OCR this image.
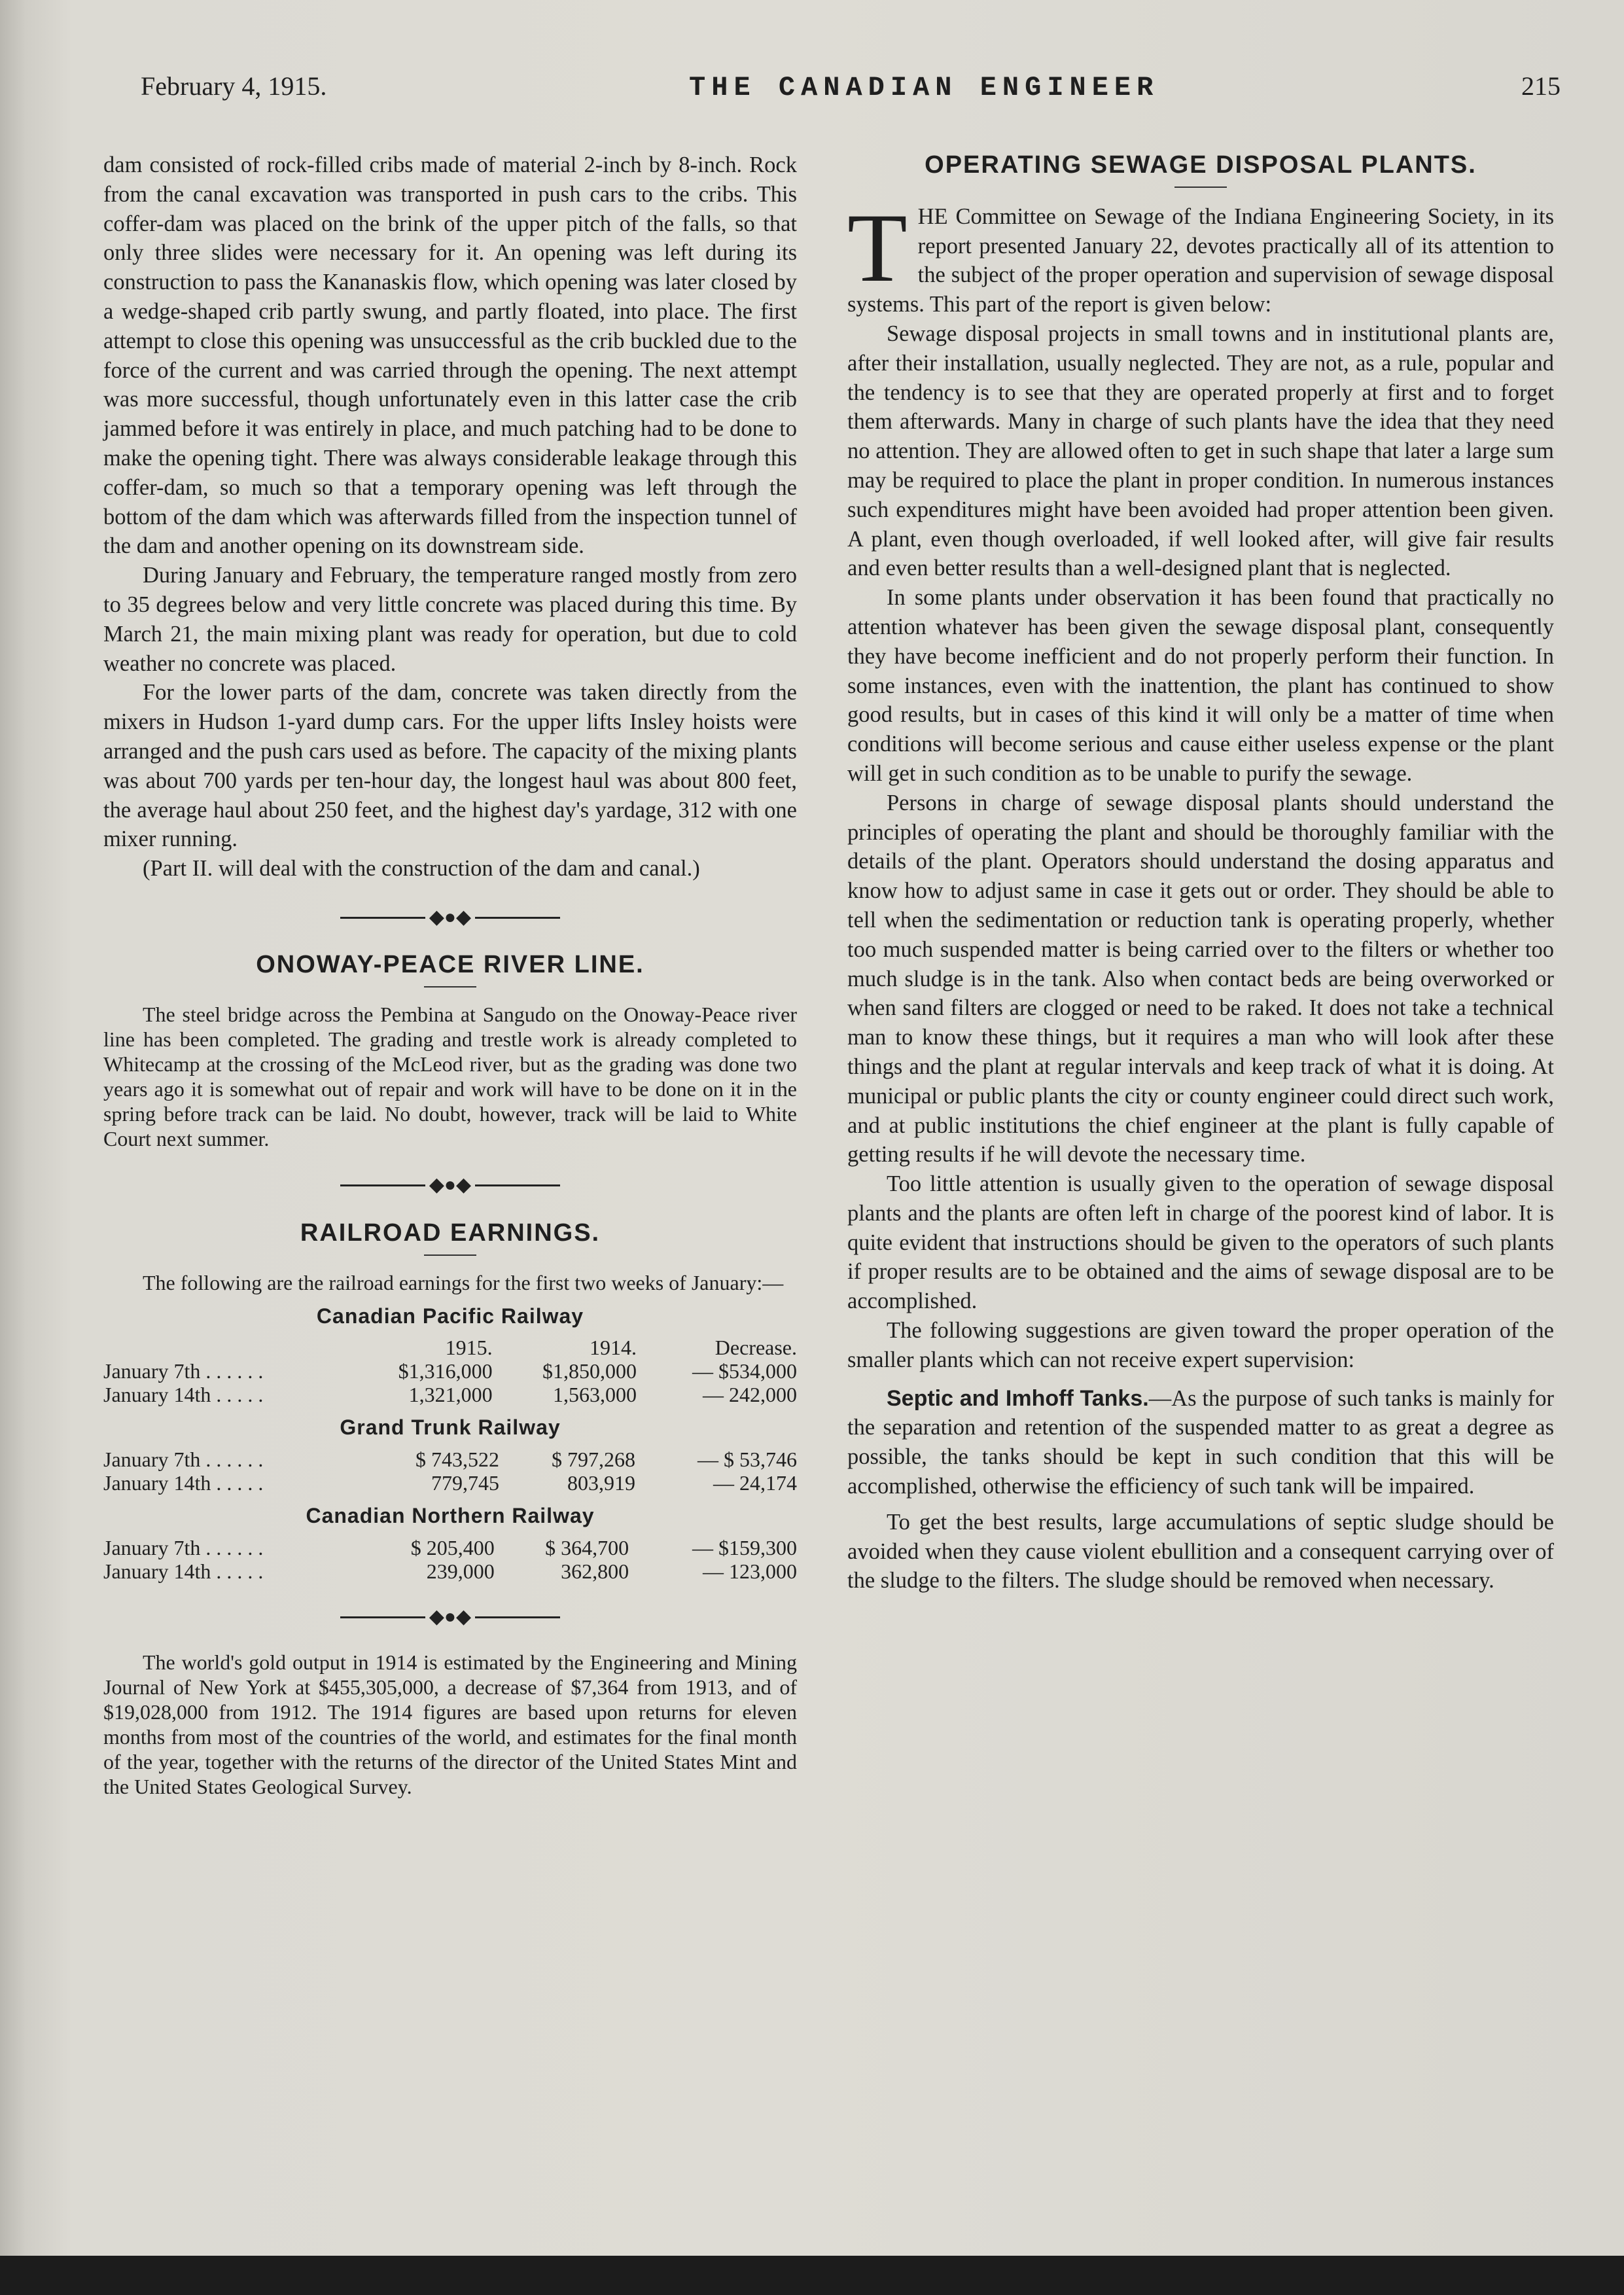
February 4, 1915.	THE CANADIAN ENGINEER	215

dam consisted of rock-filled cribs made of material 2-inch by 8-inch. Rock from the canal excavation was transported in push cars to the cribs. This coffer-dam was placed on the brink of the upper pitch of the falls, so that only three slides were necessary for it. An opening was left during its construction to pass the Kananaskis flow, which opening was later closed by a wedge-shaped crib partly swung, and partly floated, into place. The first attempt to close this opening was unsuccessful as the crib buckled due to the force of the current and was carried through the opening. The next attempt was more successful, though unfortunately even in this latter case the crib jammed before it was entirely in place, and much patching had to be done to make the opening tight. There was always considerable leakage through this coffer-dam, so much so that a temporary opening was left through the bottom of the dam which was afterwards filled from the inspection tunnel of the dam and another opening on its downstream side.

During January and February, the temperature ranged mostly from zero to 35 degrees below and very little concrete was placed during this time. By March 21, the main mixing plant was ready for operation, but due to cold weather no concrete was placed.

For the lower parts of the dam, concrete was taken directly from the mixers in Hudson 1-yard dump cars. For the upper lifts Insley hoists were arranged and the push cars used as before. The capacity of the mixing plants was about 700 yards per ten-hour day, the longest haul was about 800 feet, the average haul about 250 feet, and the highest day's yardage, 312 with one mixer running.

(Part II. will deal with the construction of the dam and canal.)

◆●◆
ONOWAY-PEACE RIVER LINE.

The steel bridge across the Pembina at Sangudo on the Onoway-Peace river line has been completed. The grading and trestle work is already completed to Whitecamp at the crossing of the McLeod river, but as the grading was done two years ago it is somewhat out of repair and work will have to be done on it in the spring before track can be laid. No doubt, however, track will be laid to White Court next summer.

◆●◆
RAILROAD EARNINGS.

The following are the railroad earnings for the first two weeks of January:—

Canadian Pacific Railway
	1915.	1914.	Decrease.
January 7th . . . . . .	$1,316,000	$1,850,000	— $534,000
January 14th . . . . .	1,321,000	1,563,000	— 242,000
Grand Trunk Railway
January 7th . . . . . .	$ 743,522	$ 797,268	— $ 53,746
January 14th . . . . .	779,745	803,919	— 24,174
Canadian Northern Railway
January 7th . . . . . .	$ 205,400	$ 364,700	— $159,300
January 14th . . . . .	239,000	362,800	— 123,000
◆●◆

The world's gold output in 1914 is estimated by the Engineering and Mining Journal of New York at $455,305,000, a decrease of $7,364 from 1913, and of $19,028,000 from 1912. The 1914 figures are based upon returns for eleven months from most of the countries of the world, and estimates for the final month of the year, together with the returns of the director of the United States Mint and the United States Geological Survey.

OPERATING SEWAGE DISPOSAL PLANTS.

THE Committee on Sewage of the Indiana Engineering Society, in its report presented January 22, devotes practically all of its attention to the subject of the proper operation and supervision of sewage disposal systems. This part of the report is given below:

Sewage disposal projects in small towns and in institutional plants are, after their installation, usually neglected. They are not, as a rule, popular and the tendency is to see that they are operated properly at first and to forget them afterwards. Many in charge of such plants have the idea that they need no attention. They are allowed often to get in such shape that later a large sum may be required to place the plant in proper condition. In numerous instances such expenditures might have been avoided had proper attention been given. A plant, even though overloaded, if well looked after, will give fair results and even better results than a well-designed plant that is neglected.

In some plants under observation it has been found that practically no attention whatever has been given the sewage disposal plant, consequently they have become inefficient and do not properly perform their function. In some instances, even with the inattention, the plant has continued to show good results, but in cases of this kind it will only be a matter of time when conditions will become serious and cause either useless expense or the plant will get in such condition as to be unable to purify the sewage.

Persons in charge of sewage disposal plants should understand the principles of operating the plant and should be thoroughly familiar with the details of the plant. Operators should understand the dosing apparatus and know how to adjust same in case it gets out or order. They should be able to tell when the sedimentation or reduction tank is operating properly, whether too much suspended matter is being carried over to the filters or whether too much sludge is in the tank. Also when contact beds are being overworked or when sand filters are clogged or need to be raked. It does not take a technical man to know these things, but it requires a man who will look after these things and the plant at regular intervals and keep track of what it is doing. At municipal or public plants the city or county engineer could direct such work, and at public institutions the chief engineer at the plant is fully capable of getting results if he will devote the necessary time.

Too little attention is usually given to the operation of sewage disposal plants and the plants are often left in charge of the poorest kind of labor. It is quite evident that instructions should be given to the operators of such plants if proper results are to be obtained and the aims of sewage disposal are to be accomplished.

The following suggestions are given toward the proper operation of the smaller plants which can not receive expert supervision:

Septic and Imhoff Tanks.—As the purpose of such tanks is mainly for the separation and retention of the suspended matter to as great a degree as possible, the tanks should be kept in such condition that this will be accomplished, otherwise the efficiency of such tank will be impaired.

To get the best results, large accumulations of septic sludge should be avoided when they cause violent ebullition and a consequent carrying over of the sludge to the filters. The sludge should be removed when necessary.
